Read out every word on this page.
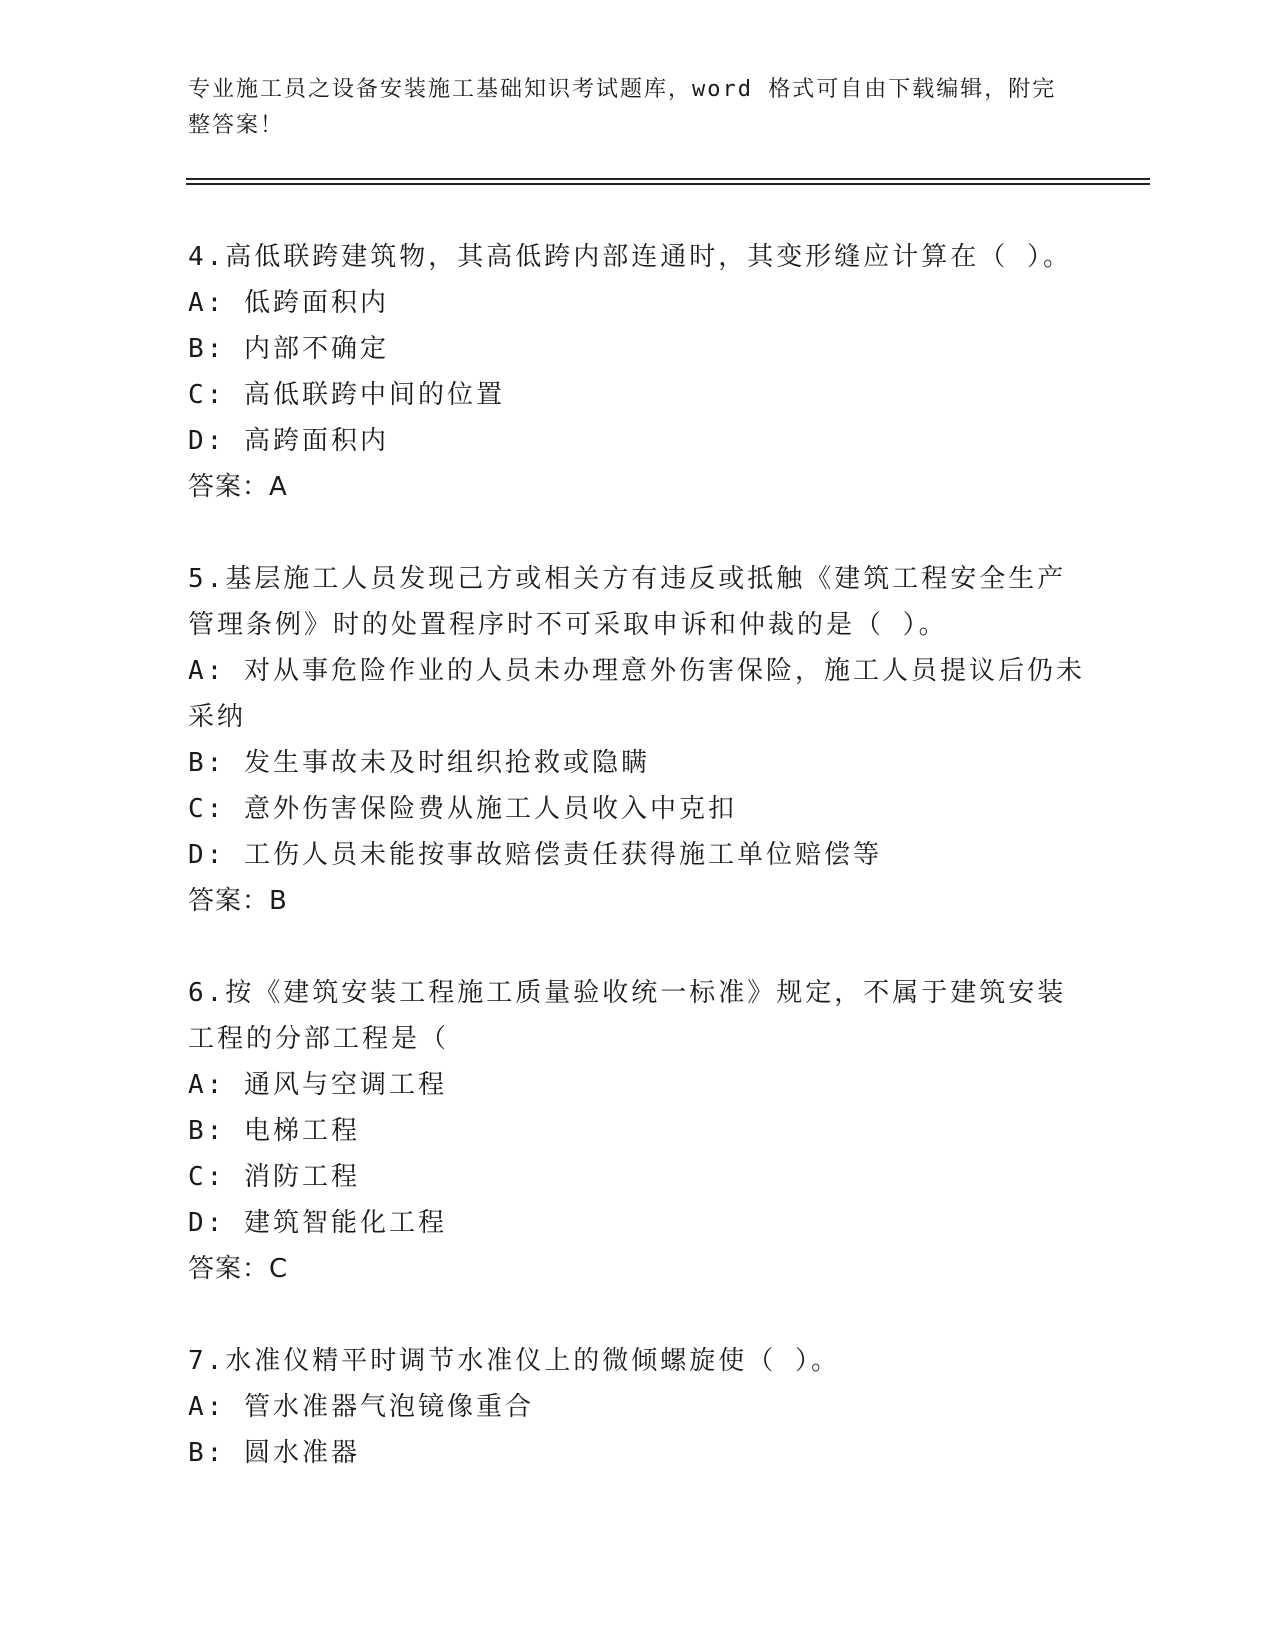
专业施工员之设备安装施工基础知识考试题库，word 格式可自由下载编辑，附完整答案！
4.高低联跨建筑物，其高低跨内部连通时，其变形缝应计算在（ ）。
A: 低跨面积内
B: 内部不确定
C: 高低联跨中间的位置
D: 高跨面积内
答案：A
5.基层施工人员发现己方或相关方有违反或抵触《建筑工程安全生产管理条例》时的处置程序时不可采取申诉和仲裁的是（ ）。
A: 对从事危险作业的人员未办理意外伤害保险，施工人员提议后仍未采纳
B: 发生事故未及时组织抢救或隐瞒
C: 意外伤害保险费从施工人员收入中克扣
D: 工伤人员未能按事故赔偿责任获得施工单位赔偿等
答案：B
6.按《建筑安装工程施工质量验收统一标准》规定，不属于建筑安装工程的分部工程是（
A: 通风与空调工程
B: 电梯工程
C: 消防工程
D: 建筑智能化工程
答案：C
7.水准仪精平时调节水准仪上的微倾螺旋使（ ）。
A: 管水准器气泡镜像重合
B: 圆水准器
